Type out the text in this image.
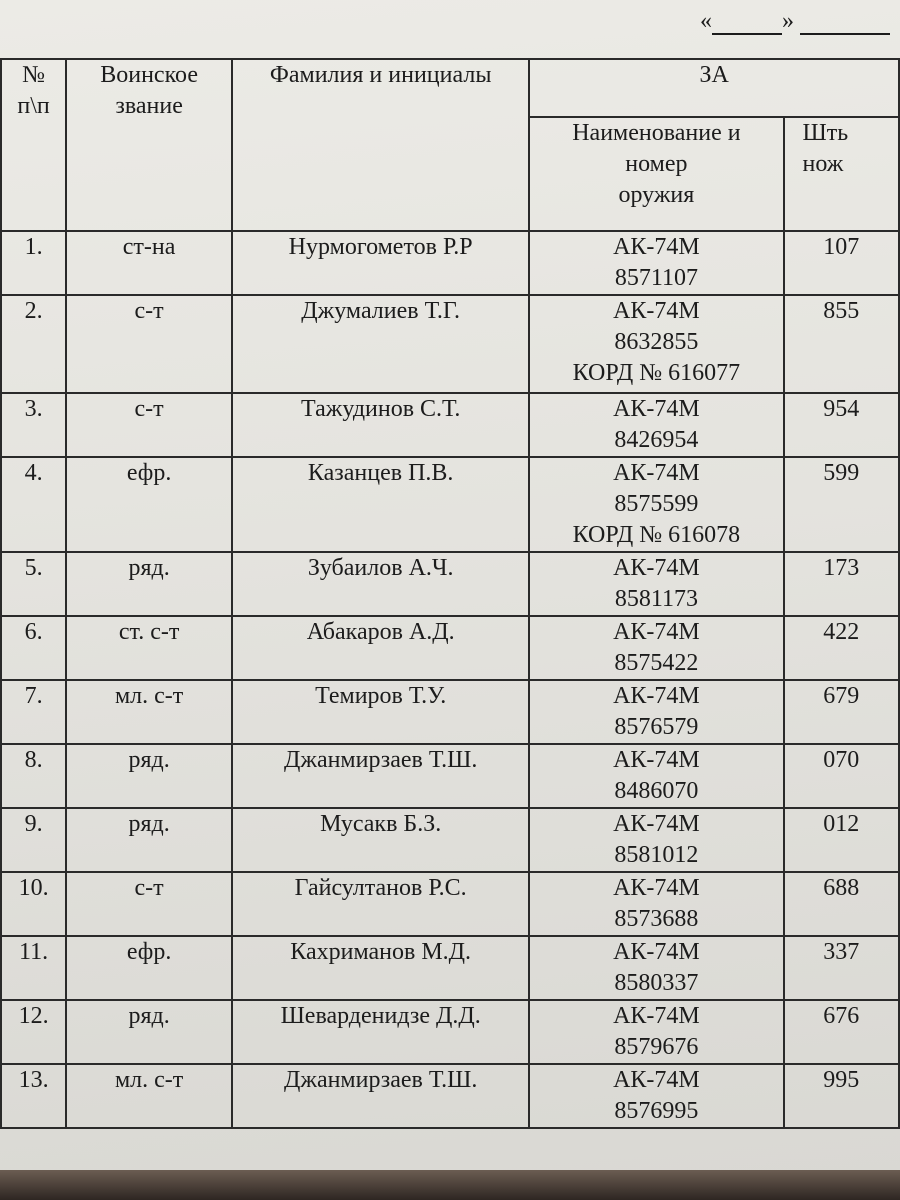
«	»
№
п\п	Воинское
звание	Фамилия и инициалы	ЗА	

			Наименование и
номер
оружия	Шть
нож

1.	ст-на	Нурмогометов Р.Р	АК-74М
8571107	107
2.	с-т	Джумалиев Т.Г.	АК-74М
8632855
КОРД № 616077	855
3.	с-т	Тажудинов С.Т.	АК-74М
8426954	954
4.	ефр.	Казанцев П.В.	АК-74М
8575599
КОРД № 616078	599
5.	ряд.	Зубаилов А.Ч.	АК-74М
8581173	173
6.	ст. с-т	Абакаров А.Д.	АК-74М
8575422	422
7.	мл. с-т	Темиров Т.У.	АК-74М
8576579	679
8.	ряд.	Джанмирзаев Т.Ш.	АК-74М
8486070	070
9.	ряд.	Мусакв Б.З.	АК-74М
8581012	012
10.	с-т	Гайсултанов Р.С.	АК-74М
8573688	688
11.	ефр.	Кахриманов М.Д.	АК-74М
8580337	337
12.	ряд.	Шеварденидзе Д.Д.	АК-74М
8579676	676
13.	мл. с-т	Джанмирзаев Т.Ш.	АК-74М
8576995	995
